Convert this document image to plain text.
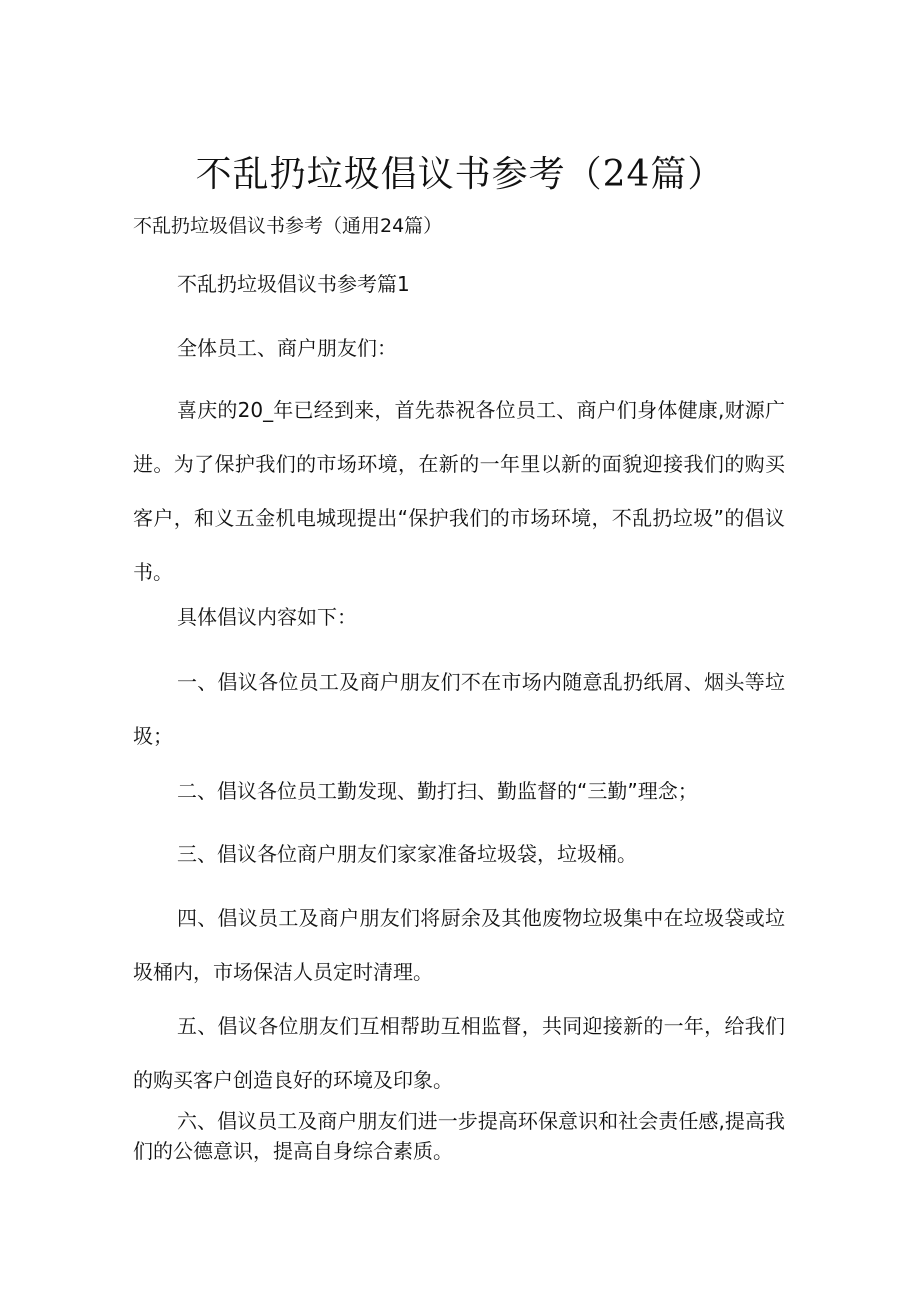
不乱扔垃圾倡议书参考（24篇）
不乱扔垃圾倡议书参考（通用24篇）

不乱扔垃圾倡议书参考篇1

全体员工、商户朋友们：

喜庆的20_年已经到来，首先恭祝各位员工、商户们身体健康,财源广进。为了保护我们的市场环境，在新的一年里以新的面貌迎接我们的购买客户，和义五金机电城现提出“保护我们的市场环境，不乱扔垃圾”的倡议书。

具体倡议内容如下：

一、倡议各位员工及商户朋友们不在市场内随意乱扔纸屑、烟头等垃圾；

二、倡议各位员工勤发现、勤打扫、勤监督的“三勤”理念；

三、倡议各位商户朋友们家家准备垃圾袋，垃圾桶。

四、倡议员工及商户朋友们将厨余及其他废物垃圾集中在垃圾袋或垃圾桶内，市场保洁人员定时清理。

五、倡议各位朋友们互相帮助互相监督，共同迎接新的一年，给我们的购买客户创造良好的环境及印象。

六、倡议员工及商户朋友们进一步提高环保意识和社会责任感,提高我们的公德意识，提高自身综合素质。
